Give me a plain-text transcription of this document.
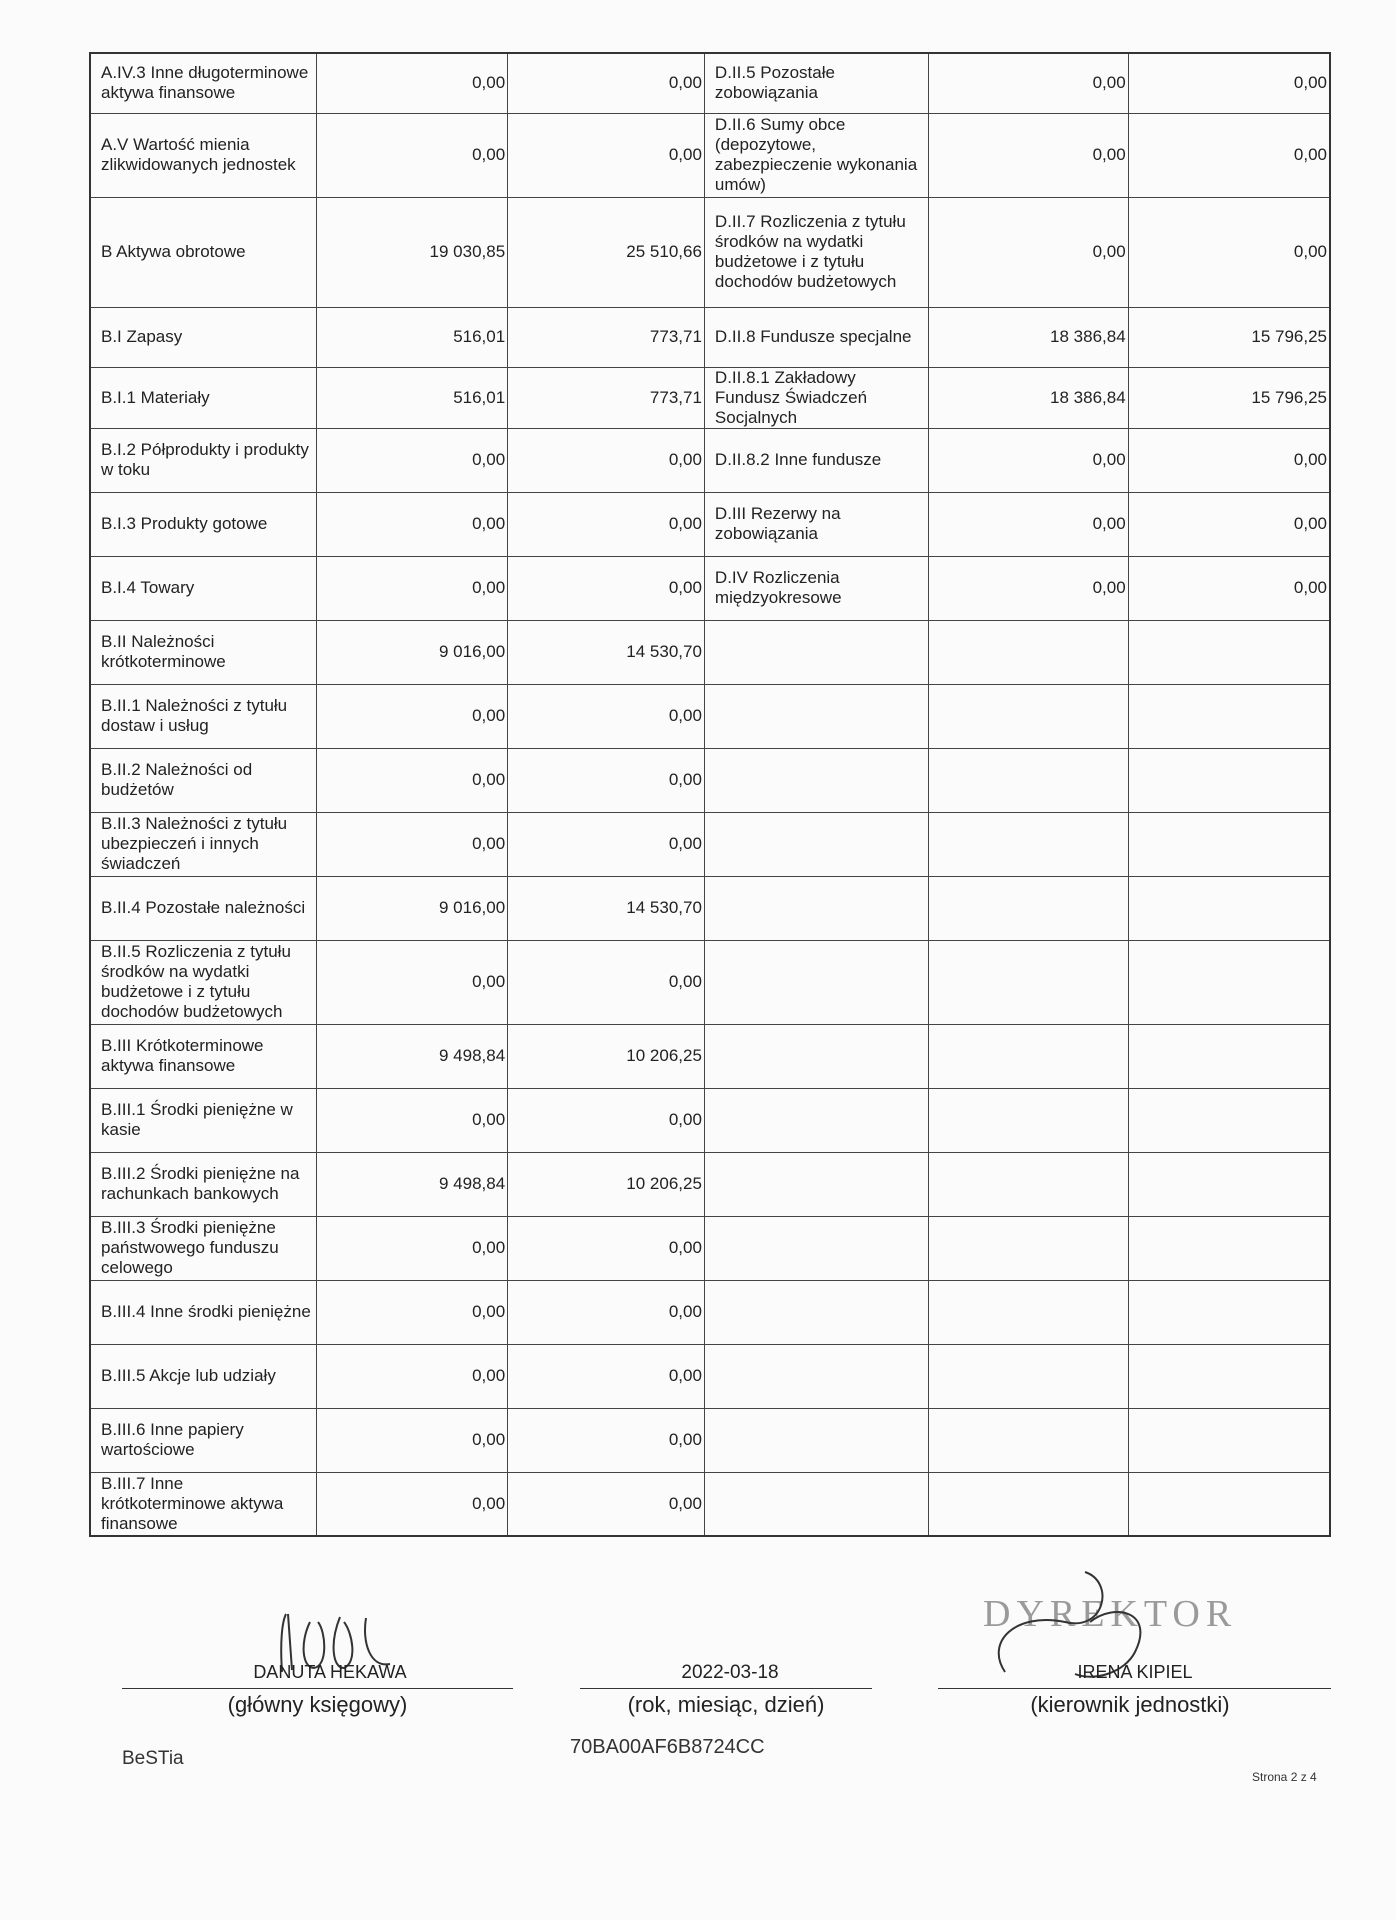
A.IV.3 Inne długoterminowe aktywa finansowe	0,00	0,00	D.II.5 Pozostałe zobowiązania	0,00	0,00
A.V Wartość mienia zlikwidowanych jednostek	0,00	0,00	D.II.6 Sumy obce (depozytowe, zabezpieczenie wykonania umów)	0,00	0,00
B Aktywa obrotowe	19 030,85	25 510,66	D.II.7 Rozliczenia z tytułu środków na wydatki budżetowe i z tytułu dochodów budżetowych	0,00	0,00
B.I Zapasy	516,01	773,71	D.II.8 Fundusze specjalne	18 386,84	15 796,25
B.I.1 Materiały	516,01	773,71	D.II.8.1 Zakładowy Fundusz Świadczeń Socjalnych	18 386,84	15 796,25
B.I.2 Półprodukty i produkty w toku	0,00	0,00	D.II.8.2 Inne fundusze	0,00	0,00
B.I.3 Produkty gotowe	0,00	0,00	D.III Rezerwy na zobowiązania	0,00	0,00
B.I.4 Towary	0,00	0,00	D.IV Rozliczenia międzyokresowe	0,00	0,00
B.II Należności krótkoterminowe	9 016,00	14 530,70			
B.II.1 Należności z tytułu dostaw i usług	0,00	0,00			
B.II.2 Należności od budżetów	0,00	0,00			
B.II.3 Należności z tytułu ubezpieczeń i innych świadczeń	0,00	0,00			
B.II.4 Pozostałe należności	9 016,00	14 530,70			
B.II.5 Rozliczenia z tytułu środków na wydatki budżetowe i z tytułu dochodów budżetowych	0,00	0,00			
B.III Krótkoterminowe aktywa finansowe	9 498,84	10 206,25			
B.III.1 Środki pieniężne w kasie	0,00	0,00			
B.III.2 Środki pieniężne na rachunkach bankowych	9 498,84	10 206,25			
B.III.3 Środki pieniężne państwowego funduszu celowego	0,00	0,00			
B.III.4 Inne środki pieniężne	0,00	0,00			
B.III.5 Akcje lub udziały	0,00	0,00			
B.III.6 Inne papiery wartościowe	0,00	0,00			
B.III.7 Inne krótkoterminowe aktywa finansowe	0,00	0,00			
DYREKTOR
DANUTA HEKAWA
(główny księgowy)
2022-03-18
(rok, miesiąc, dzień)
IRENA KIPIEL
(kierownik jednostki)
BeSTia
70BA00AF6B8724CC
Strona 2 z 4
